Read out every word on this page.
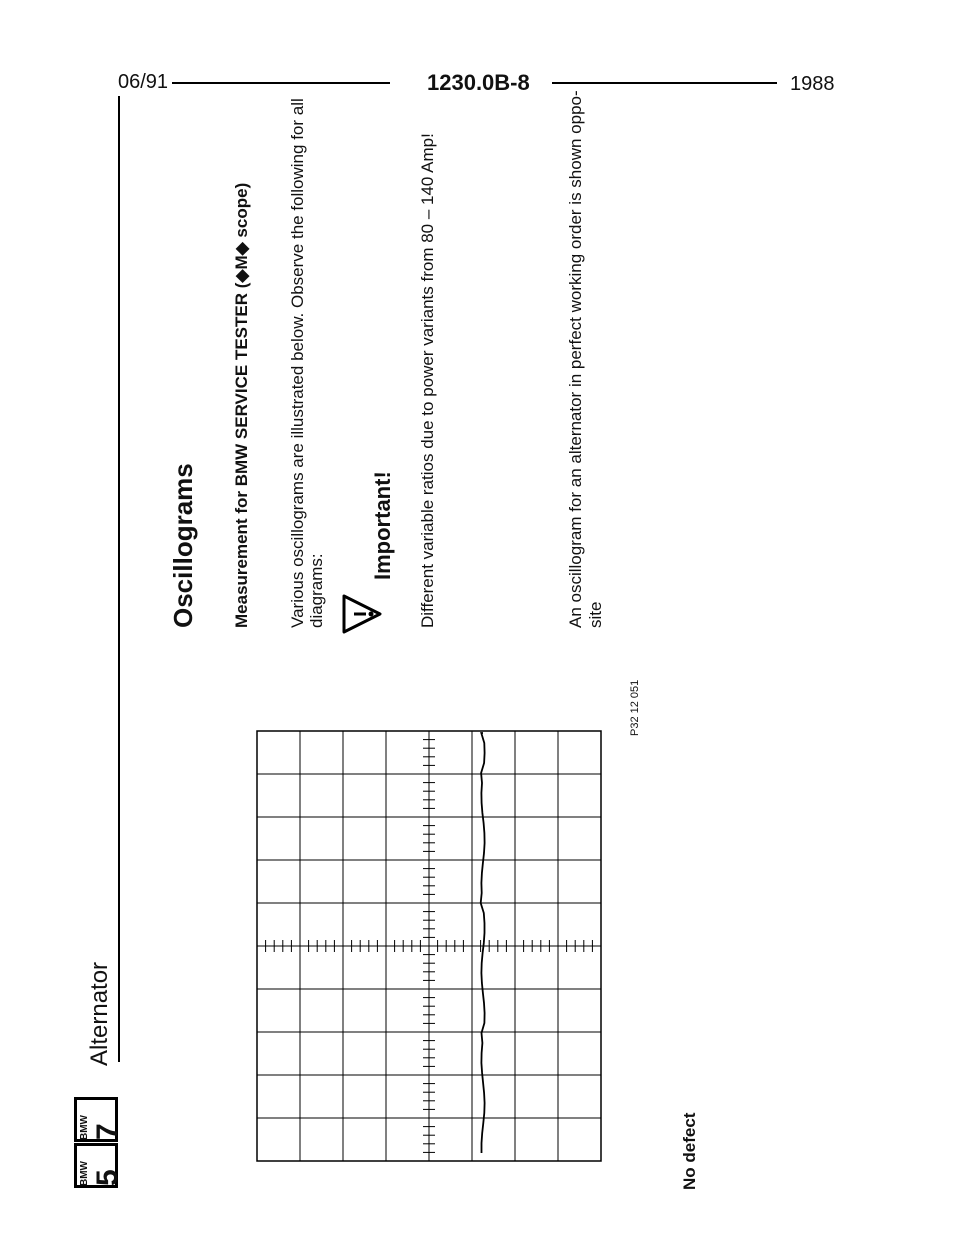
06/91	1230.0B-8	1988
Alternator
BMW 5
BMW 7
Oscillograms Measurement for BMW SERVICE TESTER (◆M◆ scope) Various oscillograms are illustrated below. Observe the following for all diagrams:
Important! Different variable ratios due to power variants from 80 – 140 Amp!	An oscillogram for an alternator in perfect working order is shown oppo- site
P32 12 051
No defect
